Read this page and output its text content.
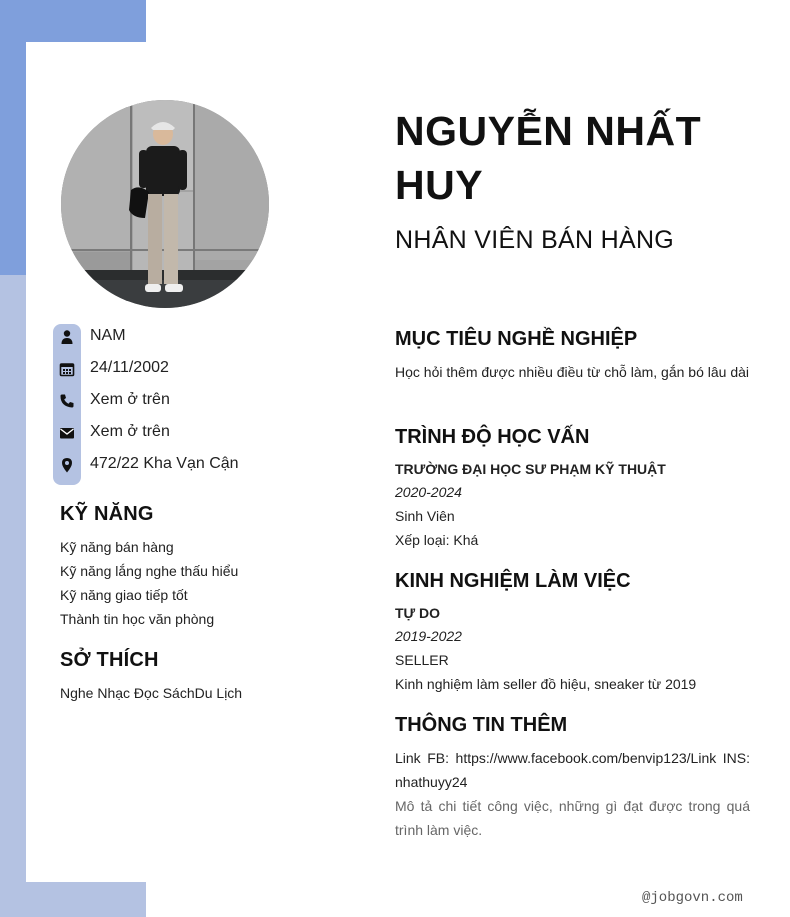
NAM
24/11/2002
Xem ở trên
Xem ở trên
472/22 Kha Vạn Cận
KỸ NĂNG
Kỹ năng bán hàng
Kỹ năng lắng nghe thấu hiểu
Kỹ năng giao tiếp tốt
Thành tin học văn phòng
SỞ THÍCH
Nghe Nhạc Đọc SáchDu Lịch
NGUYỄN NHẤT HUY
NHÂN VIÊN BÁN HÀNG
MỤC TIÊU NGHỀ NGHIỆP
Học hỏi thêm được nhiều điều từ chỗ làm, gắn bó lâu dài
TRÌNH ĐỘ HỌC VẤN
TRƯỜNG ĐẠI HỌC SƯ PHẠM KỸ THUẬT
2020-2024
Sinh Viên
Xếp loại: Khá
KINH NGHIỆM LÀM VIỆC
TỰ DO
2019-2022
SELLER
Kinh nghiệm làm seller đồ hiệu, sneaker từ 2019
THÔNG TIN THÊM
Link FB: https://www.facebook.com/benvip123/Link INS: nhathuyy24
Mô tả chi tiết công việc, những gì đạt được trong quá trình làm việc.
@jobgovn.com
